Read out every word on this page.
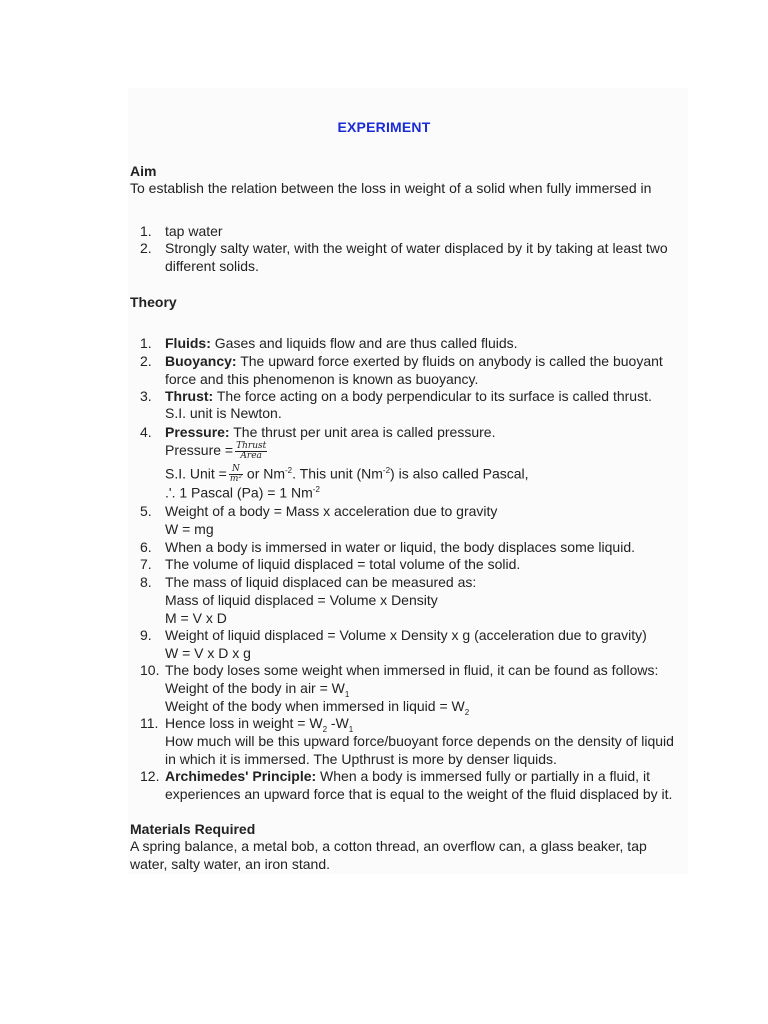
EXPERIMENT
Aim
To establish the relation between the loss in weight of a solid when fully immersed in
1. tap water
2. Strongly salty water, with the weight of water displaced by it by taking at least two
different solids.
Theory
1. Fluids: Gases and liquids flow and are thus called fluids.
2. Buoyancy: The upward force exerted by fluids on anybody is called the buoyant
force and this phenomenon is known as buoyancy.
3. Thrust: The force acting on a body perpendicular to its surface is called thrust.
S.I. unit is Newton.
4. Pressure: The thrust per unit area is called pressure.
Pressure = $\frac{\text{Thrust}}{\text{Area}}$
S.I. Unit = $\frac{N}{\text{m²}}$ or $Nm^{-2}$. This unit $(Nm^{-2})$ is also called Pascal,
.'. 1 Pascal (Pa) = 1 $Nm^{-2}$
5. Weight of a body = Mass x acceleration due to gravity
W = mg
6. When a body is immersed in water or liquid, the body displaces some liquid.
7. The volume of liquid displaced = total volume of the solid.
8. The mass of liquid displaced can be measured as:
Mass of liquid displaced = Volume x Density
M = V x D
9. Weight of liquid displaced = Volume x Density x g (acceleration due to gravity)
W = V x D x g
10. The body loses some weight when immersed in fluid, it can be found as follows:
Weight of the body in air = $W_1$
Weight of the body when immersed in liquid = $W_2$
11. Hence loss in weight = $W_2$ $-W_1$
How much will be this upward force/buoyant force depends on the density of liquid
in which it is immersed. The Upthrust is more by denser liquids.
12. Archimedes' Principle: When a body is immersed fully or partially in a fluid, it
experiences an upward force that is equal to the weight of the fluid displaced by it.
Materials Required
A spring balance, a metal bob, a cotton thread, an overflow can, a glass beaker, tap
water, salty water, an iron stand.
